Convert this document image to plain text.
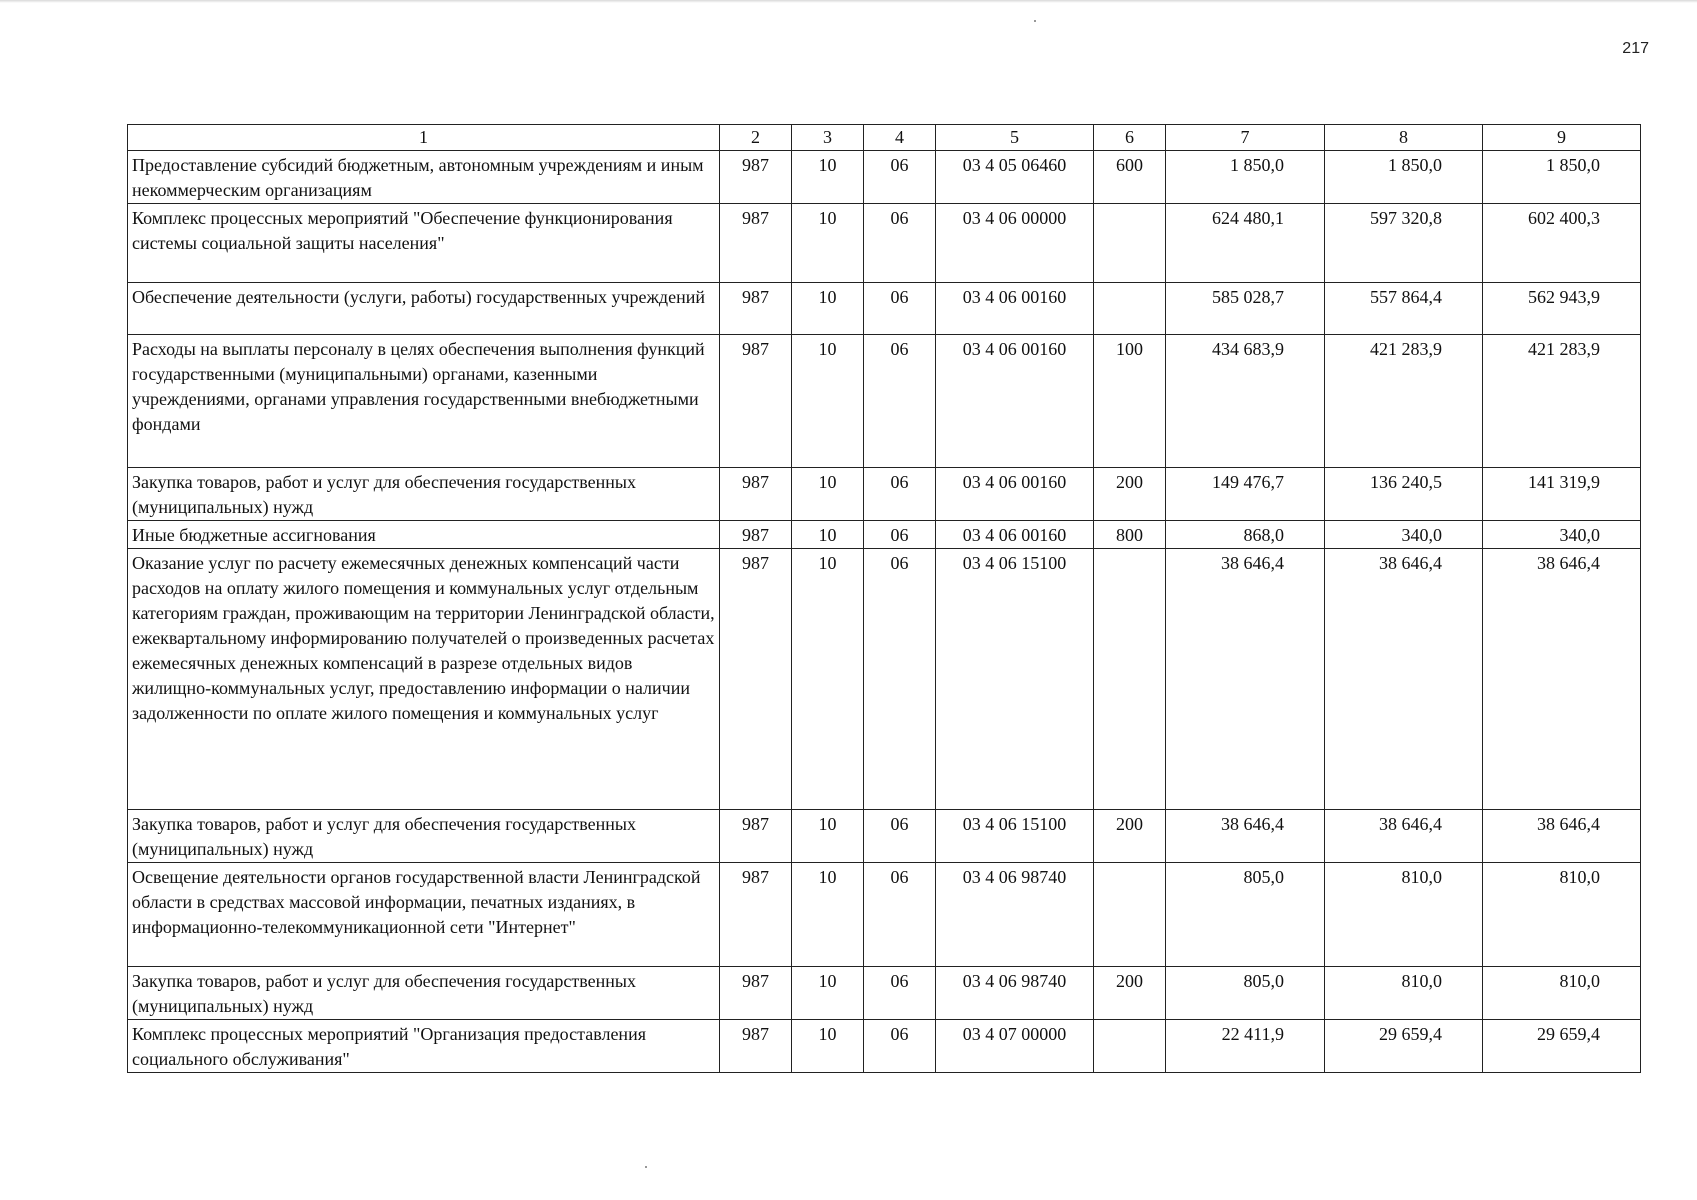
217
1	2	3	4	5	6	7	8	9
Предоставление субсидий бюджетным, автономным учреждениям и иным некоммерческим организациям	987	10	06	03 4 05 06460	600	1 850,0	1 850,0	1 850,0
Комплекс процессных мероприятий "Обеспечение функционирования системы социальной защиты населения"	987	10	06	03 4 06 00000		624 480,1	597 320,8	602 400,3
Обеспечение деятельности (услуги, работы) государственных учреждений	987	10	06	03 4 06 00160		585 028,7	557 864,4	562 943,9
Расходы на выплаты персоналу в целях обеспечения выполнения функций государственными (муниципальными) органами, казенными учреждениями, органами управления государственными внебюджетными фондами	987	10	06	03 4 06 00160	100	434 683,9	421 283,9	421 283,9
Закупка товаров, работ и услуг для обеспечения государственных (муниципальных) нужд	987	10	06	03 4 06 00160	200	149 476,7	136 240,5	141 319,9
Иные бюджетные ассигнования	987	10	06	03 4 06 00160	800	868,0	340,0	340,0
Оказание услуг по расчету ежемесячных денежных компенсаций части расходов на оплату жилого помещения и коммунальных услуг отдельным категориям граждан, проживающим на территории Ленинградской области, ежеквартальному информированию получателей о произведенных расчетах ежемесячных денежных компенсаций в разрезе отдельных видов жилищно-коммунальных услуг, предоставлению информации о наличии задолженности по оплате жилого помещения и коммунальных услуг	987	10	06	03 4 06 15100		38 646,4	38 646,4	38 646,4
Закупка товаров, работ и услуг для обеспечения государственных (муниципальных) нужд	987	10	06	03 4 06 15100	200	38 646,4	38 646,4	38 646,4
Освещение деятельности органов государственной власти Ленинградской области в средствах массовой информации, печатных изданиях, в информационно-телекоммуникационной сети "Интернет"	987	10	06	03 4 06 98740		805,0	810,0	810,0
Закупка товаров, работ и услуг для обеспечения государственных (муниципальных) нужд	987	10	06	03 4 06 98740	200	805,0	810,0	810,0
Комплекс процессных мероприятий "Организация предоставления социального обслуживания"	987	10	06	03 4 07 00000		22 411,9	29 659,4	29 659,4
